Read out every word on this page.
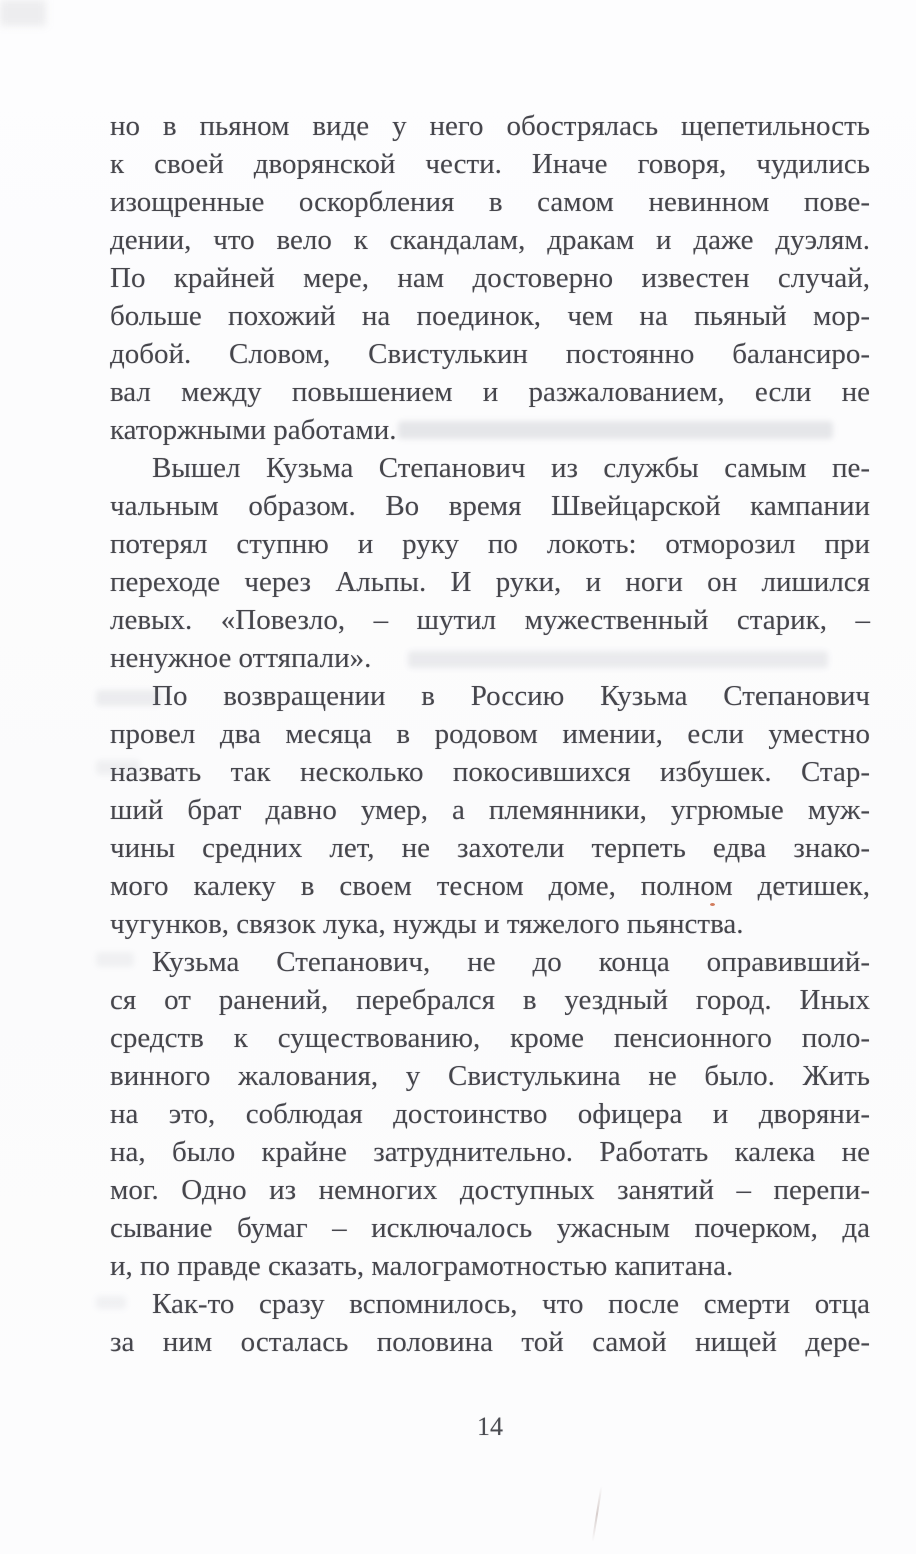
но в пьяном виде у него обострялась щепетильность

к своей дворянской чести. Иначе говоря, чудились

изощренные оскорбления в самом невинном пове-

дении, что вело к скандалам, дракам и даже дуэлям.

По крайней мере, нам достоверно известен случай,

больше похожий на поединок, чем на пьяный мор-

добой. Словом, Свистулькин постоянно балансиро-

вал между повышением и разжалованием, если не

каторжными работами.

Вышел Кузьма Степанович из службы самым пе-

чальным образом. Во время Швейцарской кампании

потерял ступню и руку по локоть: отморозил при

переходе через Альпы. И руки, и ноги он лишился

левых. «Повезло, – шутил мужественный старик, –

ненужное оттяпали».

По возвращении в Россию Кузьма Степанович

провел два месяца в родовом имении, если уместно

назвать так несколько покосившихся избушек. Стар-

ший брат давно умер, а племянники, угрюмые муж-

чины средних лет, не захотели терпеть едва знако-

мого калеку в своем тесном доме, полном детишек,

чугунков, связок лука, нужды и тяжелого пьянства.

Кузьма Степанович, не до конца оправивший-

ся от ранений, перебрался в уездный город. Иных

средств к существованию, кроме пенсионного поло-

винного жалования, у Свистулькина не было. Жить

на это, соблюдая достоинство офицера и дворяни-

на, было крайне затруднительно. Работать калека не

мог. Одно из немногих доступных занятий – перепи-

сывание бумаг – исключалось ужасным почерком, да

и, по правде сказать, малограмотностью капитана.

Как-то сразу вспомнилось, что после смерти отца

за ним осталась половина той самой нищей дере-

14
